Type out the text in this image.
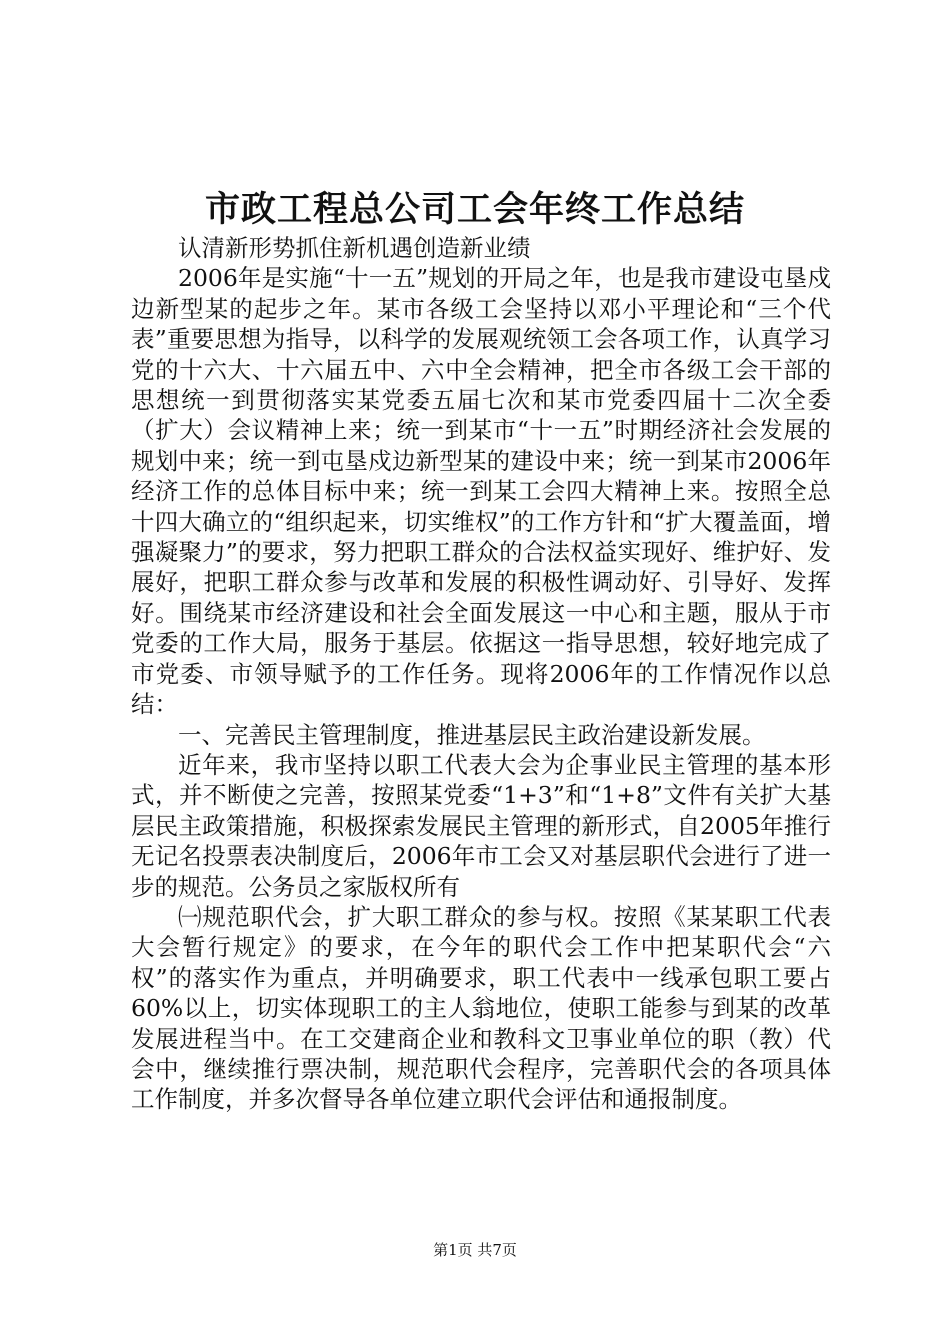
市政工程总公司工会年终工作总结

认清新形势抓住新机遇创造新业绩

2006年是实施“十一五”规划的开局之年，也是我市建设屯垦戍边新型某的起步之年。某市各级工会坚持以邓小平理论和“三个代表”重要思想为指导，以科学的发展观统领工会各项工作，认真学习党的十六大、十六届五中、六中全会精神，把全市各级工会干部的思想统一到贯彻落实某党委五届七次和某市党委四届十二次全委（扩大）会议精神上来；统一到某市“十一五”时期经济社会发展的规划中来；统一到屯垦戍边新型某的建设中来；统一到某市2006年经济工作的总体目标中来；统一到某工会四大精神上来。按照全总十四大确立的“组织起来，切实维权”的工作方针和“扩大覆盖面，增强凝聚力”的要求，努力把职工群众的合法权益实现好、维护好、发展好，把职工群众参与改革和发展的积极性调动好、引导好、发挥好。围绕某市经济建设和社会全面发展这一中心和主题，服从于市党委的工作大局，服务于基层。依据这一指导思想，较好地完成了市党委、市领导赋予的工作任务。现将2006年的工作情况作以总结：

一、完善民主管理制度，推进基层民主政治建设新发展。

近年来，我市坚持以职工代表大会为企事业民主管理的基本形式，并不断使之完善，按照某党委“1+3”和“1+8”文件有关扩大基层民主政策措施，积极探索发展民主管理的新形式，自2005年推行无记名投票表决制度后，2006年市工会又对基层职代会进行了进一步的规范。公务员之家版权所有

㈠规范职代会，扩大职工群众的参与权。按照《某某职工代表大会暂行规定》的要求，在今年的职代会工作中把某职代会“六权”的落实作为重点，并明确要求，职工代表中一线承包职工要占60%以上，切实体现职工的主人翁地位，使职工能参与到某的改革发展进程当中。在工交建商企业和教科文卫事业单位的职（教）代会中，继续推行票决制，规范职代会程序，完善职代会的各项具体工作制度，并多次督导各单位建立职代会评估和通报制度。

第1页 共7页
